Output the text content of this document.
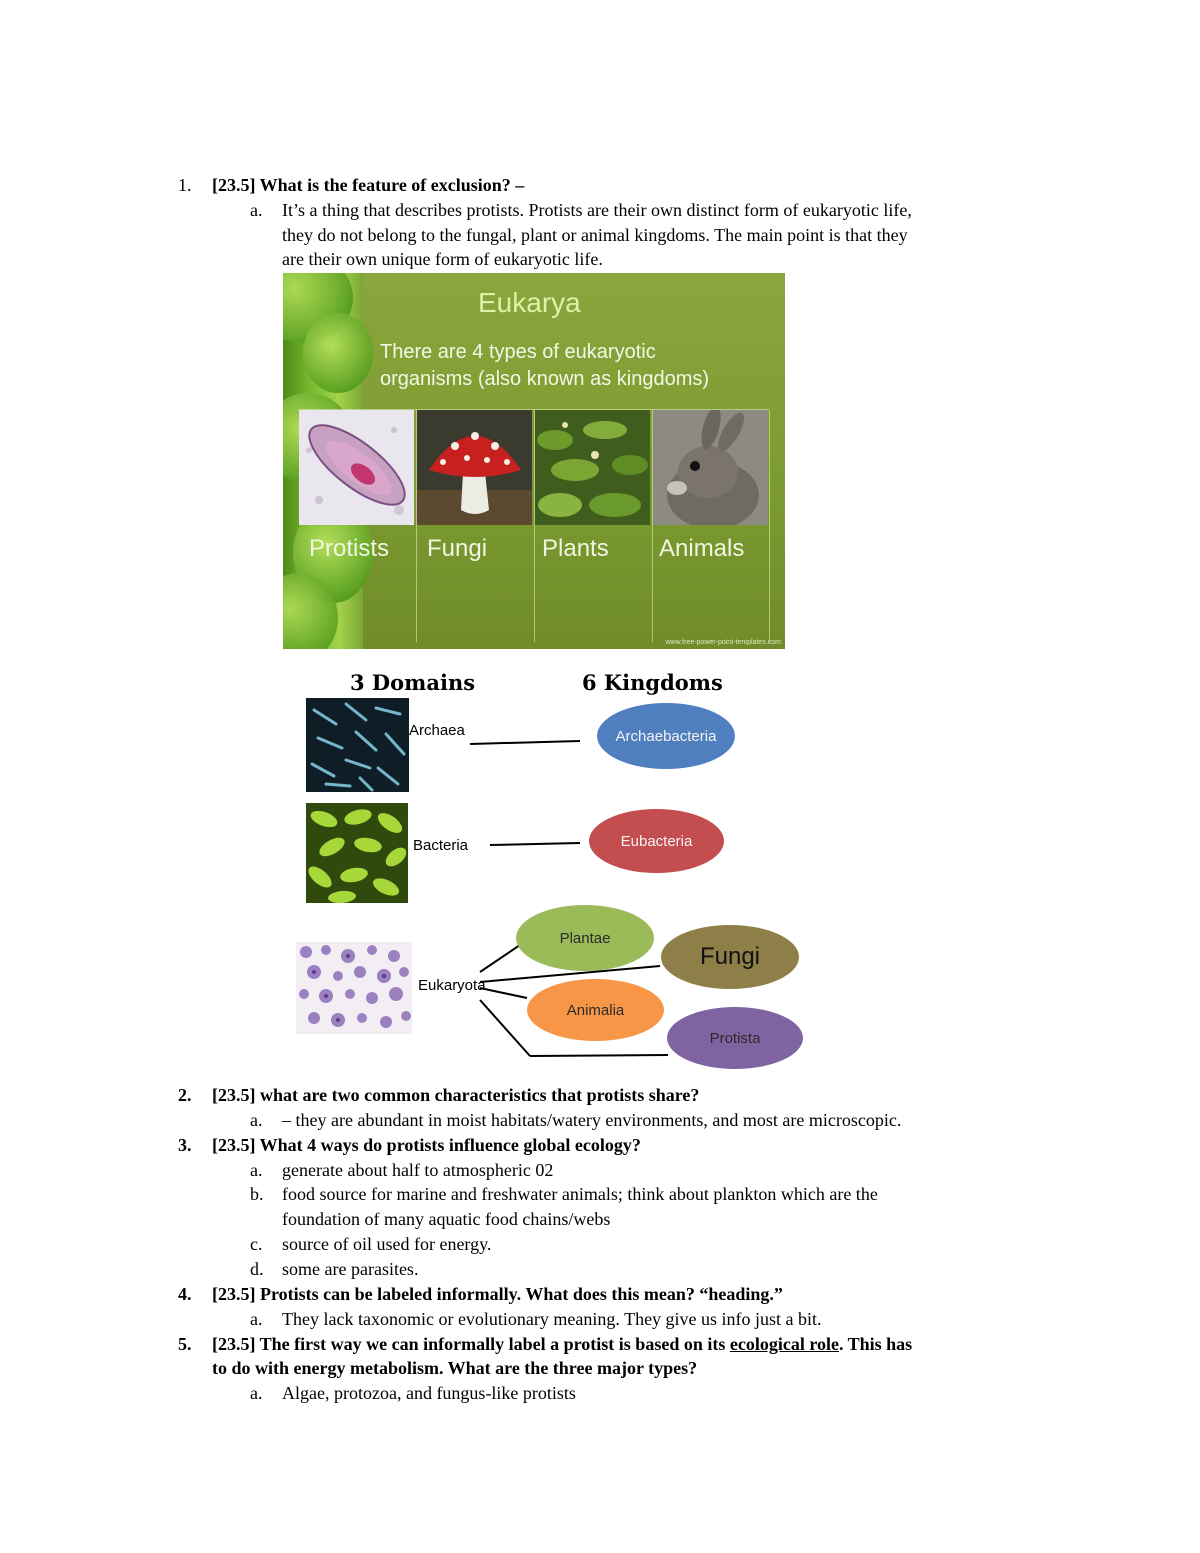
1. [23.5] What is the feature of exclusion? –
a. It’s a thing that describes protists. Protists are their own distinct form of eukaryotic life,
they do not belong to the fungal, plant or animal kingdoms. The main point is that they
are their own unique form of eukaryotic life.
Eukarya
There are 4 types of eukaryotic
organisms (also known as kingdoms)
Protists Fungi Plants Animals
www.free-power-point-templates.com
3 Domains	6 Kingdoms
Archaea
Bacteria
Eukaryota
Archaebacteria
Eubacteria
Plantae
Fungi
Animalia
Protista
2. [23.5] what are two common characteristics that protists share?
a. – they are abundant in moist habitats/watery environments, and most are microscopic.
3. [23.5] What 4 ways do protists influence global ecology?
a. generate about half to atmospheric 02
b. food source for marine and freshwater animals; think about plankton which are the
foundation of many aquatic food chains/webs
c. source of oil used for energy.
d. some are parasites.
4. [23.5] Protists can be labeled informally. What does this mean? “heading.”
a. They lack taxonomic or evolutionary meaning. They give us info just a bit.
5. [23.5] The first way we can informally label a protist is based on its ecological role. This has
to do with energy metabolism. What are the three major types?
a. Algae, protozoa, and fungus-like protists
